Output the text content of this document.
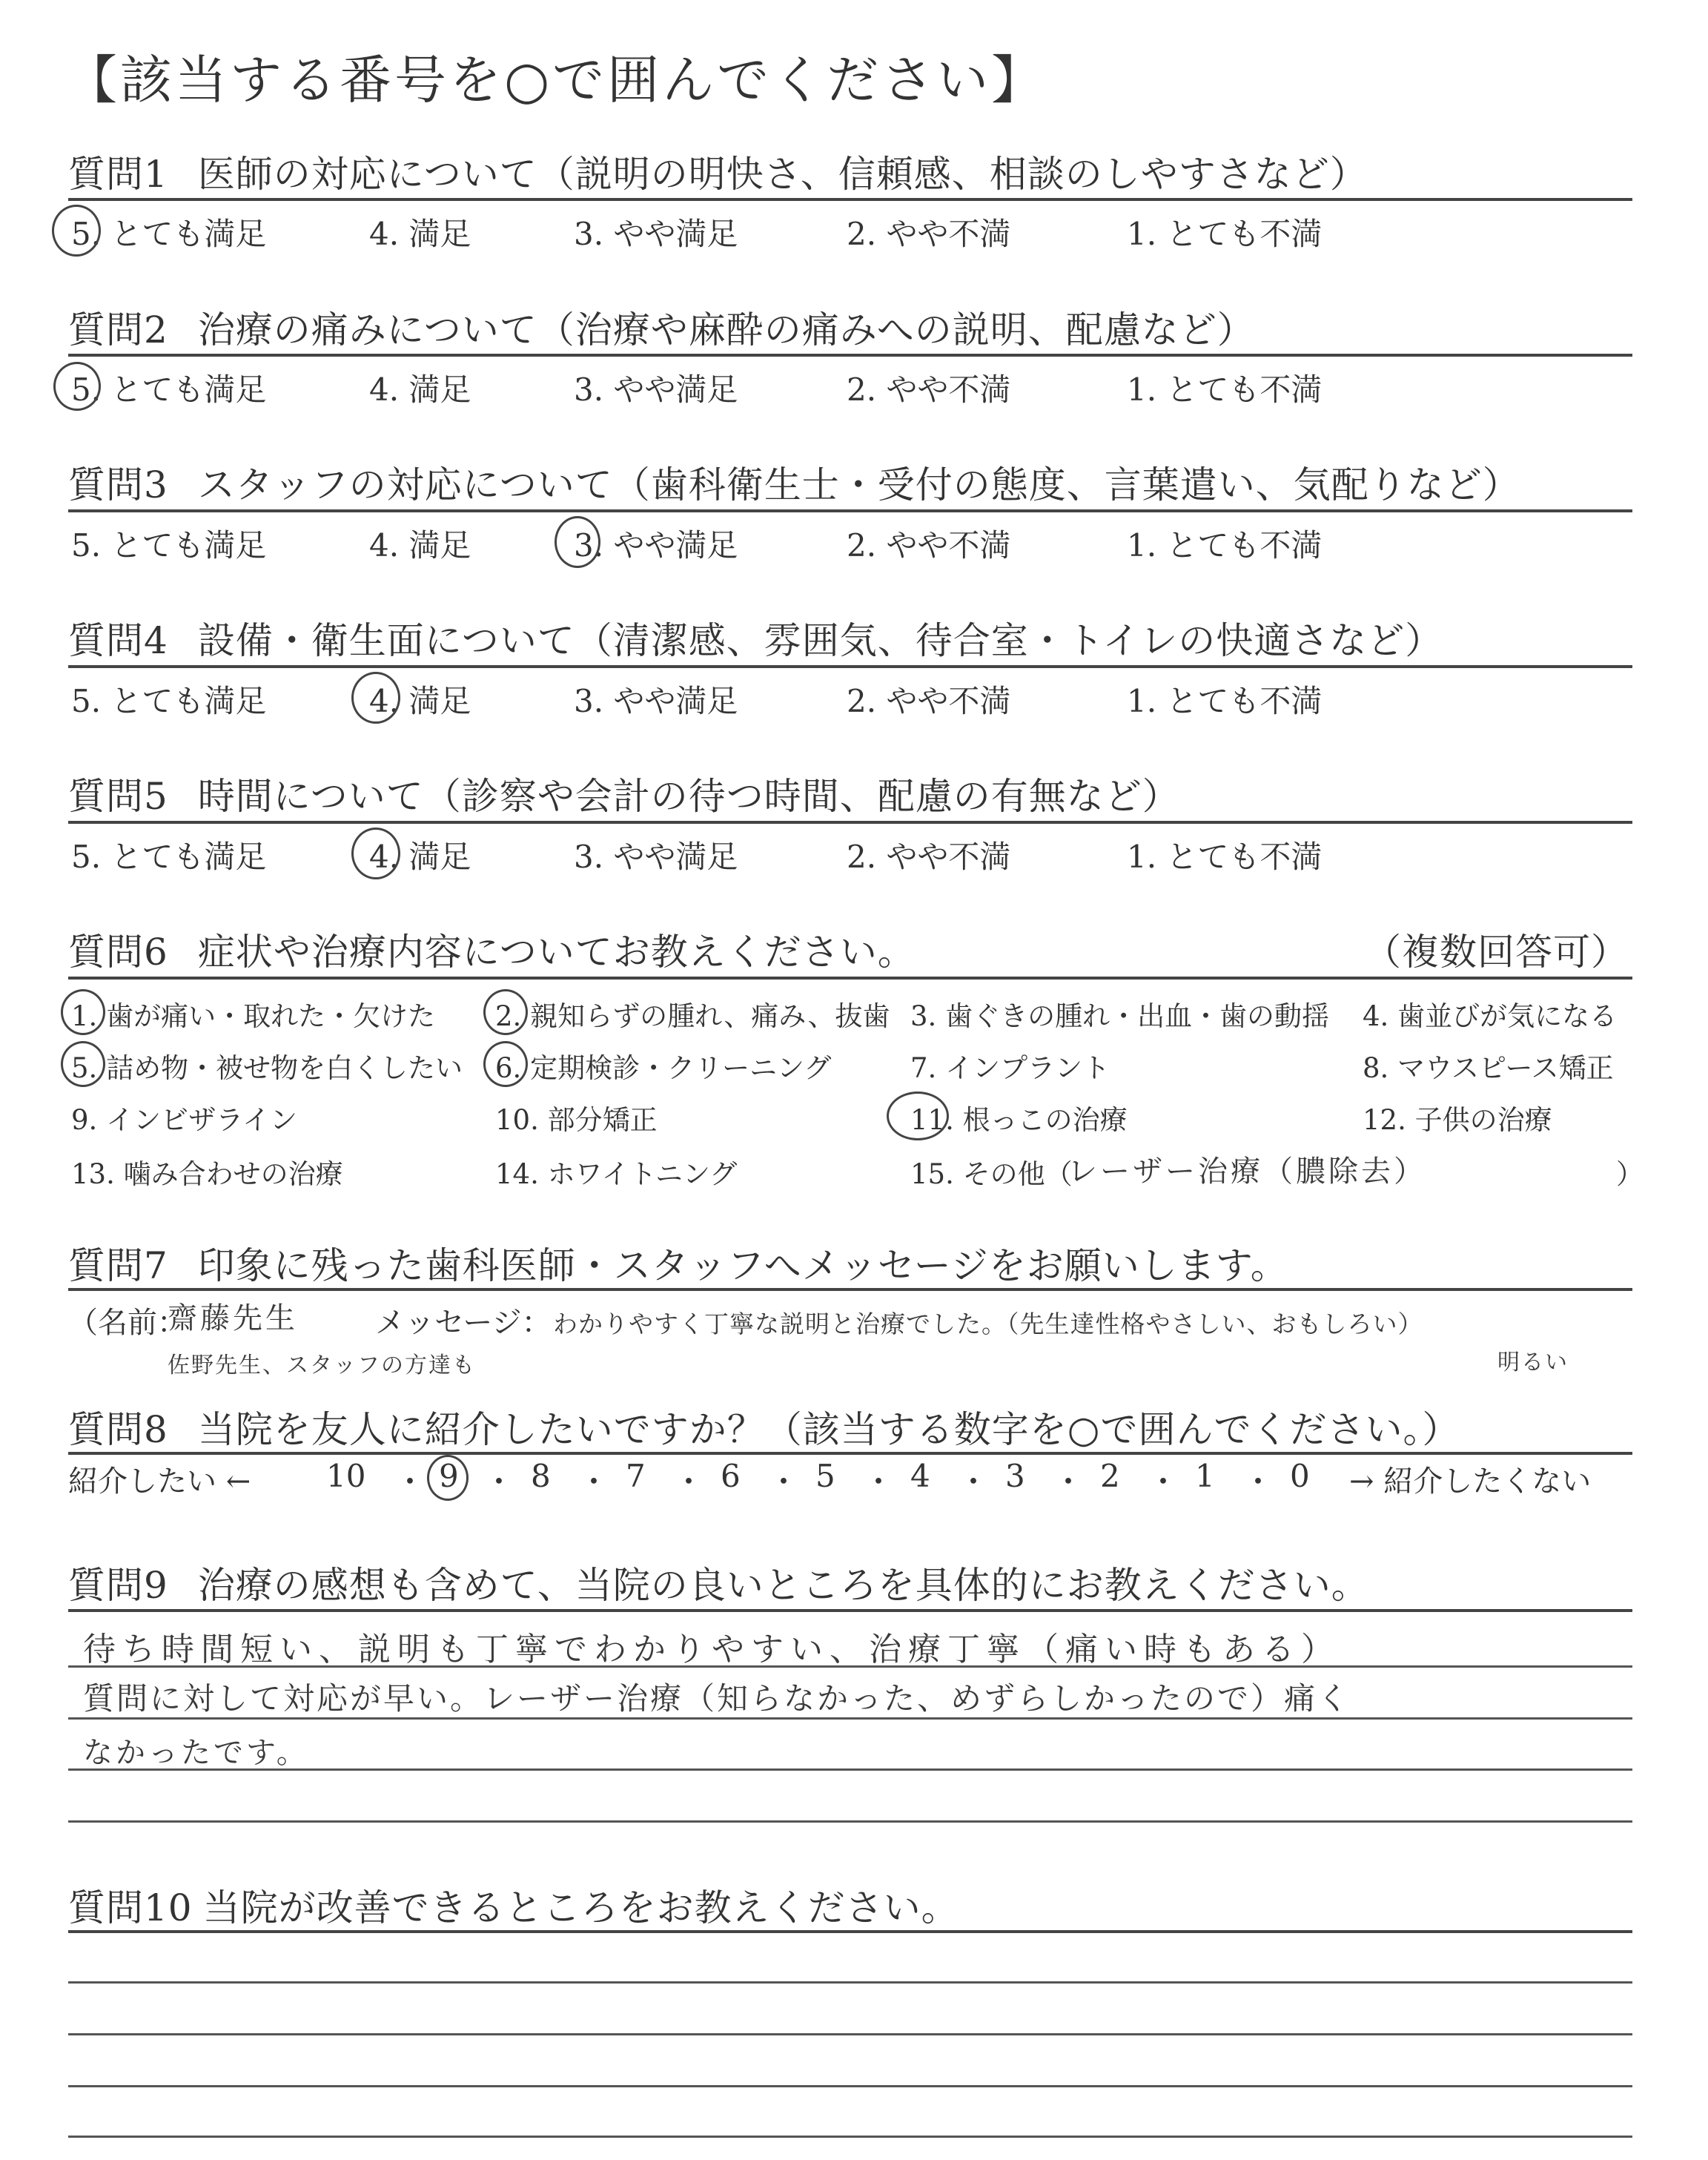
【該当する番号を○で囲んでください】
質問1 医師の対応について（説明の明快さ、信頼感、相談のしやすさなど）
5. とても満足	4. 満足	3. やや満足	2. やや不満	1. とても不満
質問2 治療の痛みについて（治療や麻酔の痛みへの説明、配慮など）
5. とても満足	4. 満足	3. やや満足	2. やや不満	1. とても不満
質問3 スタッフの対応について（歯科衛生士・受付の態度、言葉遣い、気配りなど）
5. とても満足	4. 満足	3. やや満足	2. やや不満	1. とても不満
質問4 設備・衛生面について（清潔感、雰囲気、待合室・トイレの快適さなど）
5. とても満足	4. 満足	3. やや満足	2. やや不満	1. とても不満
質問5 時間について（診察や会計の待つ時間、配慮の有無など）
5. とても満足	4. 満足	3. やや満足	2. やや不満	1. とても不満
質問6 症状や治療内容についてお教えください。	（複数回答可）
1. 歯が痛い・取れた・欠けた 2. 親知らずの腫れ、痛み、抜歯 3. 歯ぐきの腫れ・出血・歯の動揺 4. 歯並びが気になる
5. 詰め物・被せ物を白くしたい 6. 定期検診・クリーニング	7. インプラント	8. マウスピース矯正
9. インビザライン	10. 部分矯正	11. 根っこの治療	12. 子供の治療
13. 噛み合わせの治療	14. ホワイトニング	15. その他（
レーザー治療（膿除去）	）
質問7 印象に残った歯科医師・スタッフへメッセージをお願いします。
（名前：
齋藤先生
佐野先生、スタッフの方達も
メッセージ： わかりやすく丁寧な説明と治療でした。（先生達性格やさしい、おもしろい）
明るい
質問8 当院を友人に紹介したいですか？（該当する数字を○で囲んでください。）
紹介したい ←	→ 紹介したくない
10 ・ 9 ・ 8 ・ 7 ・ 6 ・ 5 ・ 4 ・ 3 ・ 2 ・ 1 ・ 0
質問9 治療の感想も含めて、当院の良いところを具体的にお教えください。
待ち時間短い、説明も丁寧でわかりやすい、治療丁寧（痛い時もある）
質問に対して対応が早い。レーザー治療（知らなかった、めずらしかったので）痛く
なかったです。
質問10 当院が改善できるところをお教えください。
